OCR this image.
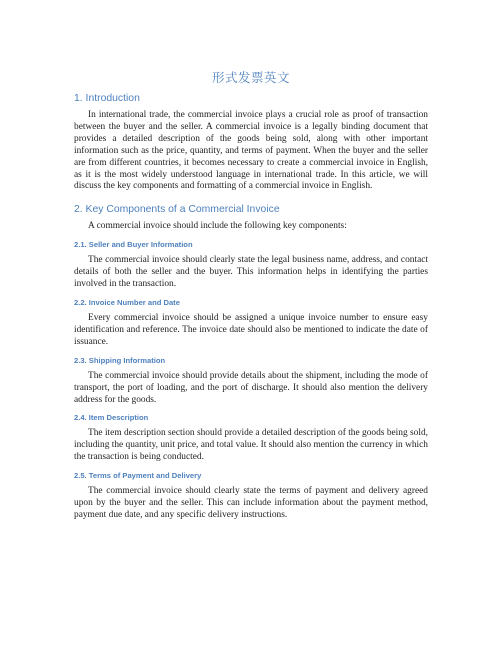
形式发票英文
1. Introduction

In international trade, the commercial invoice plays a crucial role as proof of transaction between the buyer and the seller. A commercial invoice is a legally binding document that provides a detailed description of the goods being sold, along with other important information such as the price, quantity, and terms of payment. When the buyer and the seller are from different countries, it becomes necessary to create a commercial invoice in English, as it is the most widely understood language in international trade. In this article, we will discuss the key components and formatting of a commercial invoice in English.

2. Key Components of a Commercial Invoice

A commercial invoice should include the following key components:

2.1. Seller and Buyer Information

The commercial invoice should clearly state the legal business name, address, and contact details of both the seller and the buyer. This information helps in identifying the parties involved in the transaction.

2.2. Invoice Number and Date

Every commercial invoice should be assigned a unique invoice number to ensure easy identification and reference. The invoice date should also be mentioned to indicate the date of issuance.

2.3. Shipping Information

The commercial invoice should provide details about the shipment, including the mode of transport, the port of loading, and the port of discharge. It should also mention the delivery address for the goods.

2.4. Item Description

The item description section should provide a detailed description of the goods being sold, including the quantity, unit price, and total value. It should also mention the currency in which the transaction is being conducted.

2.5. Terms of Payment and Delivery

The commercial invoice should clearly state the terms of payment and delivery agreed upon by the buyer and the seller. This can include information about the payment method, payment due date, and any specific delivery instructions.
